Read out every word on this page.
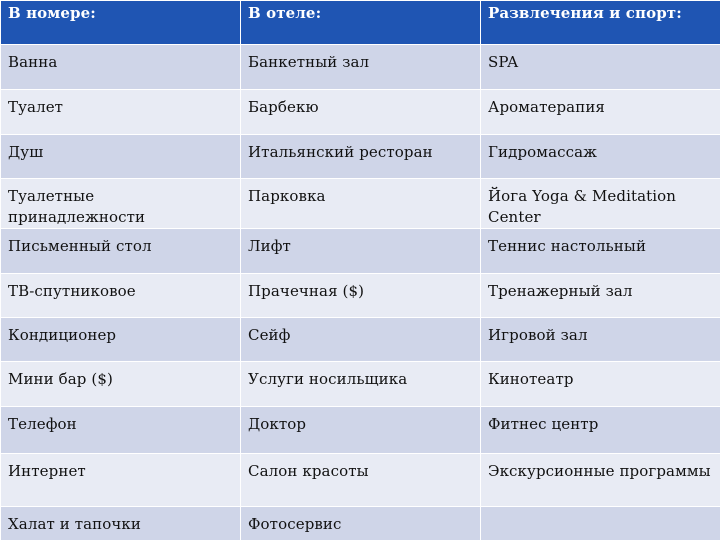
В номере:	В отеле:	Развлечения и спорт:
Ванна	Банкетный зал	SPA
Туалет	Барбекю	Ароматерапия
Душ	Итальянский ресторан	Гидромассаж
Туалетные принадлежности	Парковка	Йога Yoga & Meditation Center
Письменный стол	Лифт	Теннис настольный
ТВ-спутниковое	Прачечная ($)	Тренажерный зал
Кондиционер	Сейф	Игровой зал
Мини бар ($)	Услуги носильщика	Кинотеатр
Телефон	Доктор	Фитнес центр
Интернет	Салон красоты	Экскурсионные программы
Халат и тапочки	Фотосервис	
